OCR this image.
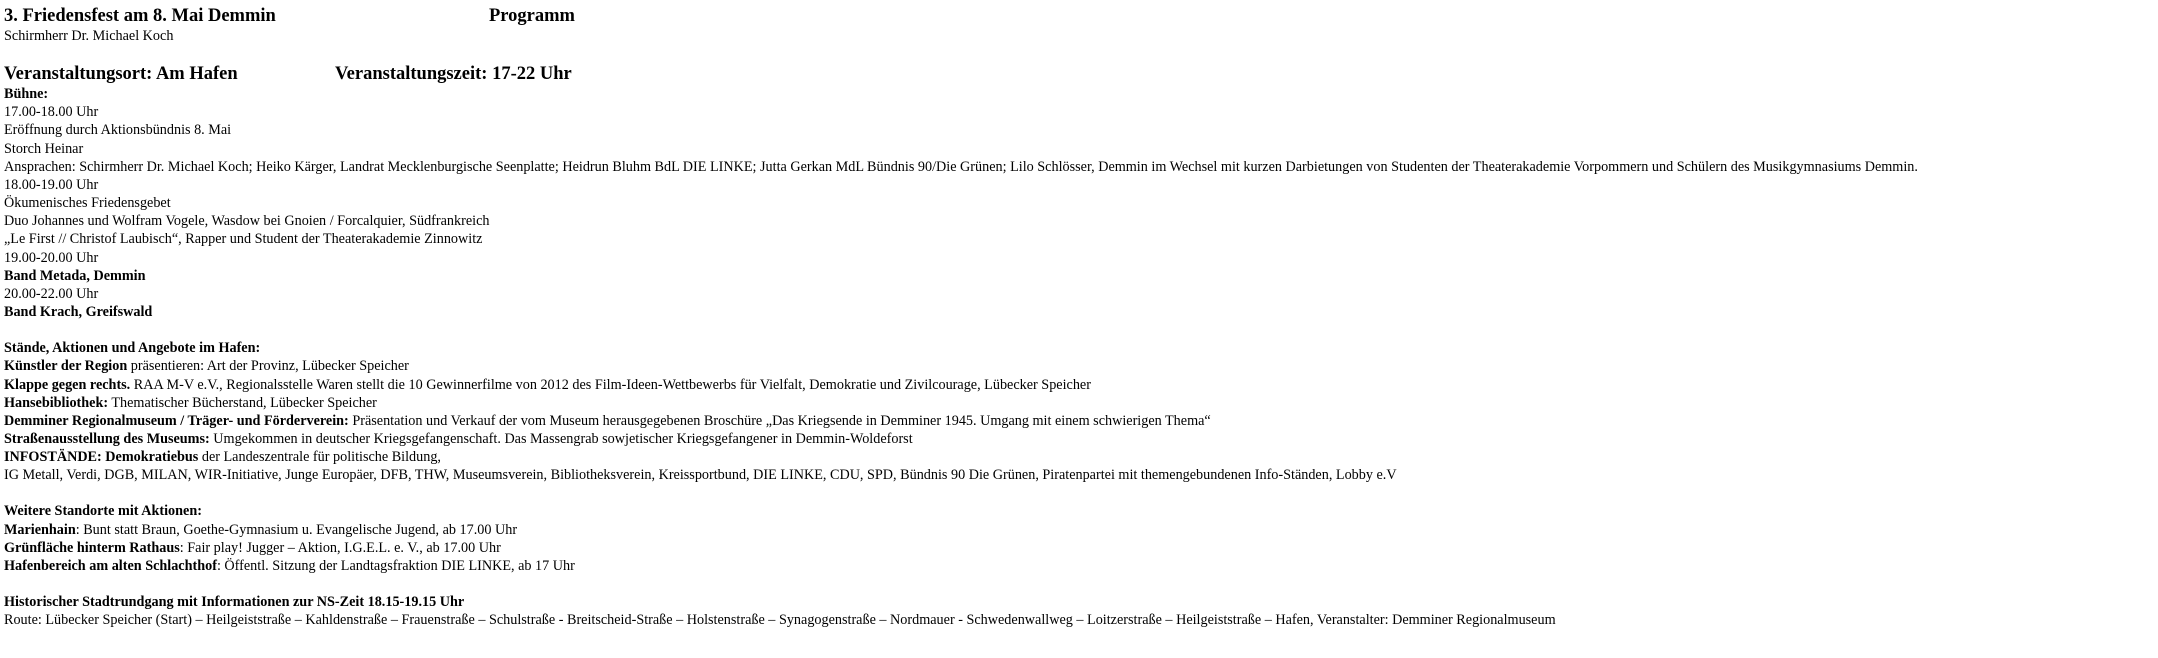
3. Friedensfest am 8. Mai Demmin	Programm
Schirmherr Dr. Michael Koch
Veranstaltungsort: Am Hafen	Veranstaltungszeit: 17-22 Uhr
Bühne:
17.00-18.00 Uhr
Eröffnung durch Aktionsbündnis 8. Mai
Storch Heinar
Ansprachen: Schirmherr Dr. Michael Koch; Heiko Kärger, Landrat Mecklenburgische Seenplatte; Heidrun Bluhm BdL DIE LINKE; Jutta Gerkan MdL Bündnis 90/Die Grünen; Lilo Schlösser, Demmin im Wechsel mit kurzen Darbietungen von Studenten der Theaterakademie Vorpommern und Schülern des Musikgymnasiums Demmin.
18.00-19.00 Uhr
Ökumenisches Friedensgebet
Duo Johannes und Wolfram Vogele, Wasdow bei Gnoien / Forcalquier, Südfrankreich
„Le First // Christof Laubisch“, Rapper und Student der Theaterakademie Zinnowitz
19.00-20.00 Uhr
Band Metada, Demmin
20.00-22.00 Uhr
Band Krach, Greifswald
Stände, Aktionen und Angebote im Hafen:
Künstler der Region präsentieren: Art der Provinz, Lübecker Speicher
Klappe gegen rechts. RAA M-V e.V., Regionalsstelle Waren stellt die 10 Gewinnerfilme von 2012 des Film-Ideen-Wettbewerbs für Vielfalt, Demokratie und Zivilcourage, Lübecker Speicher
Hansebibliothek: Thematischer Bücherstand, Lübecker Speicher
Demminer Regionalmuseum / Träger- und Förderverein: Präsentation und Verkauf der vom Museum herausgegebenen Broschüre „Das Kriegsende in Demminer 1945. Umgang mit einem schwierigen Thema“
Straßenausstellung des Museums: Umgekommen in deutscher Kriegsgefangenschaft. Das Massengrab sowjetischer Kriegsgefangener in Demmin-Woldeforst
INFOSTÄNDE: Demokratiebus der Landeszentrale für politische Bildung,
IG Metall, Verdi, DGB, MILAN, WIR-Initiative, Junge Europäer, DFB, THW, Museumsverein, Bibliotheksverein, Kreissportbund, DIE LINKE, CDU, SPD, Bündnis 90 Die Grünen, Piratenpartei mit themengebundenen Info-Ständen, Lobby e.V
Weitere Standorte mit Aktionen:
Marienhain: Bunt statt Braun, Goethe-Gymnasium u. Evangelische Jugend, ab 17.00 Uhr
Grünfläche hinterm Rathaus: Fair play! Jugger – Aktion, I.G.E.L. e. V., ab 17.00 Uhr
Hafenbereich am alten Schlachthof: Öffentl. Sitzung der Landtagsfraktion DIE LINKE, ab 17 Uhr
Historischer Stadtrundgang mit Informationen zur NS-Zeit 18.15-19.15 Uhr
Route: Lübecker Speicher (Start) – Heilgeiststraße – Kahldenstraße – Frauenstraße – Schulstraße - Breitscheid-Straße – Holstenstraße – Synagogenstraße – Nordmauer - Schwedenwallweg – Loitzerstraße – Heilgeiststraße – Hafen, Veranstalter: Demminer Regionalmuseum
